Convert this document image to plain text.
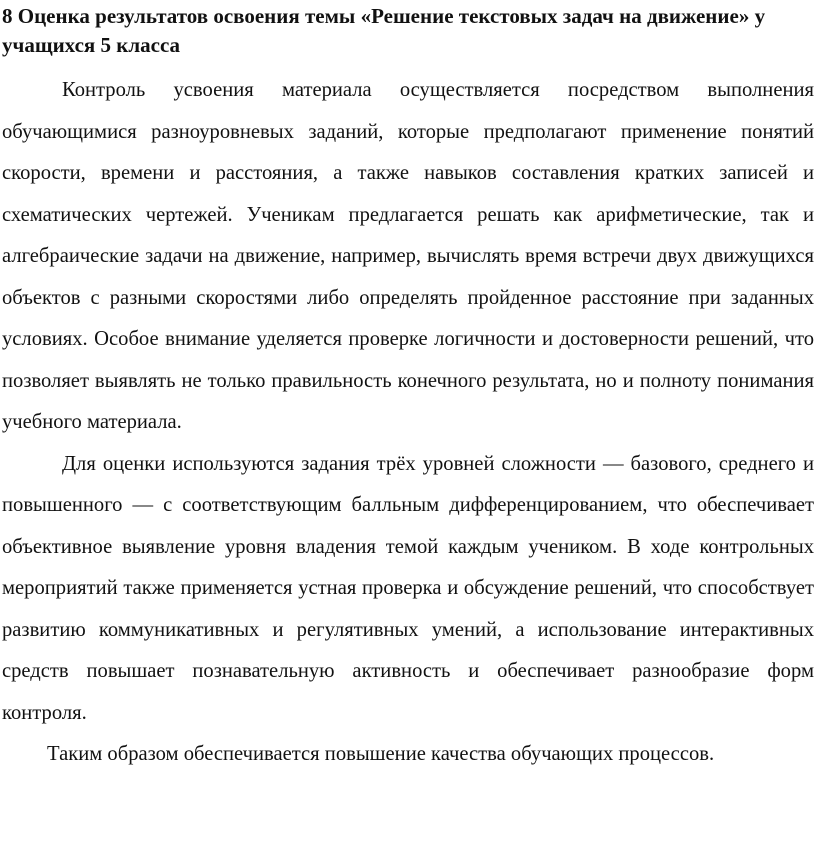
8 Оценка результатов освоения темы «Решение текстовых задач на движение» у учащихся 5 класса

Контроль усвоения материала осуществляется посредством выполнения обучающимися разноуровневых заданий, которые предполагают применение понятий скорости, времени и расстояния, а также навыков составления кратких записей и схематических чертежей. Ученикам предлагается решать как арифметические, так и алгебраические задачи на движение, например, вычислять время встречи двух движущихся объектов с разными скоростями либо определять пройденное расстояние при заданных условиях. Особое внимание уделяется проверке логичности и достоверности решений, что позволяет выявлять не только правильность конечного результата, но и полноту понимания учебного материала.

Для оценки используются задания трёх уровней сложности — базового, среднего и повышенного — с соответствующим балльным дифференцированием, что обеспечивает объективное выявление уровня владения темой каждым учеником. В ходе контрольных мероприятий также применяется устная проверка и обсуждение решений, что способствует развитию коммуникативных и регулятивных умений, а использование интерактивных средств повышает познавательную активность и обеспечивает разнообразие форм контроля.

Таким образом обеспечивается повышение качества обучающих процессов.
